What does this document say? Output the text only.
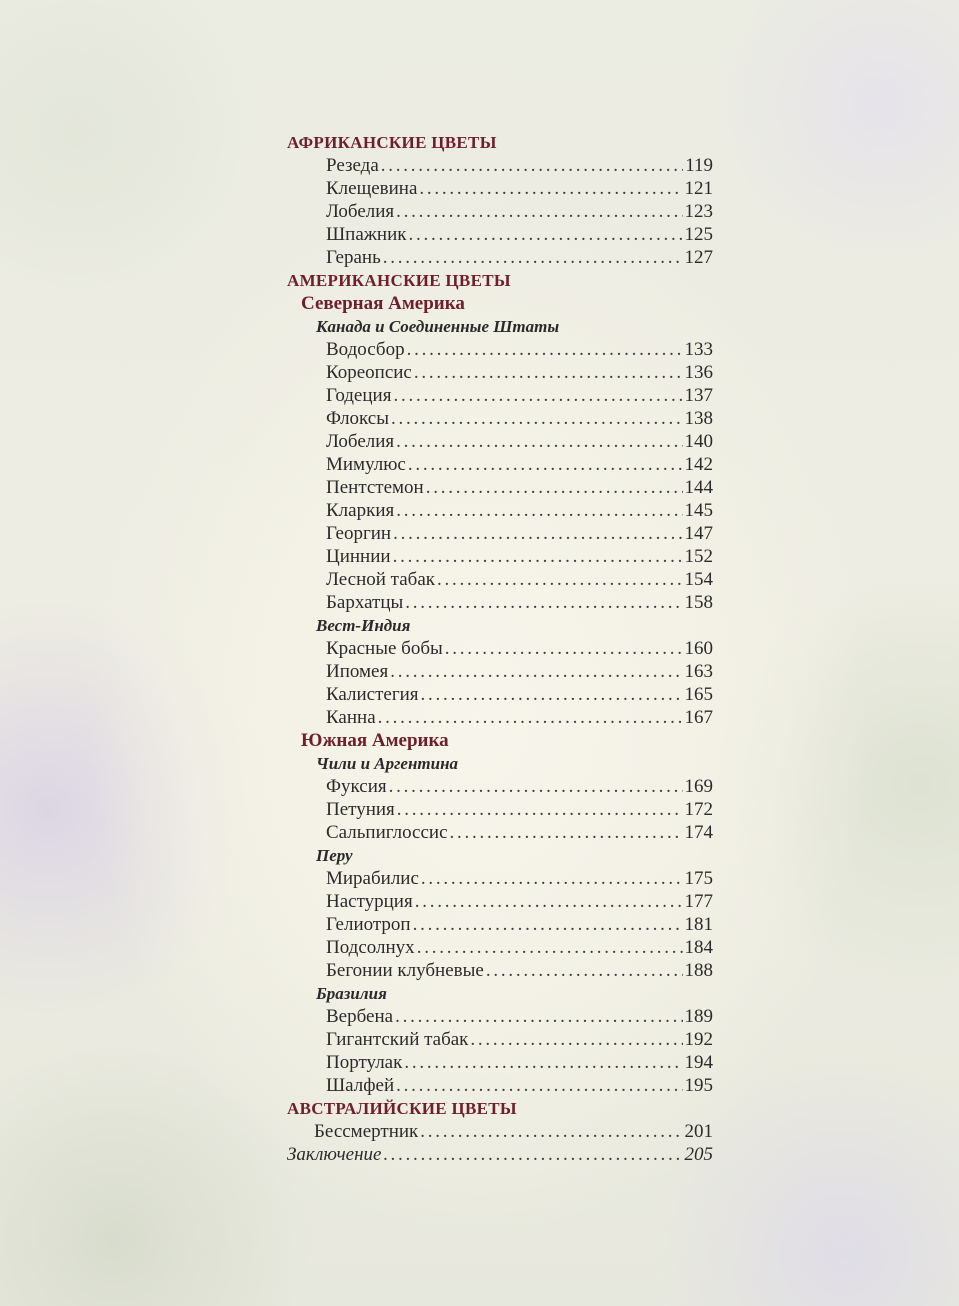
АФРИКАНСКИЕ ЦВЕТЫ
Резеда . . .	119
Клещевина . . .	121
Лобелия . . .	123
Шпажник . . .	125
Герань . . .	127
АМЕРИКАНСКИЕ ЦВЕТЫ
Северная Америка
Канада и Соединенные Штаты
Водосбор . . .	133
Кореопсис . . .	136
Годеция . . .	137
Флоксы . . .	138
Лобелия . . .	140
Мимулюс . . .	142
Пентстемон . . .	144
Кларкия . . .	145
Георгин . . .	147
Циннии . . .	152
Лесной табак . . .	154
Бархатцы . . .	158
Вест-Индия
Красные бобы . . .	160
Ипомея . . .	163
Калистегия . . .	165
Канна . . .	167
Южная Америка
Чили и Аргентина
Фуксия . . .	169
Петуния . . .	172
Сальпиглоссис . . .	174
Перу
Мирабилис . . .	175
Настурция . . .	177
Гелиотроп . . .	181
Подсолнух . . .	184
Бегонии клубневые . . .	188
Бразилия
Вербена . . .	189
Гигантский табак . . .	192
Портулак . . .	194
Шалфей . . .	195
АВСТРАЛИЙСКИЕ ЦВЕТЫ
Бессмертник . . .	201
Заключение . . .	205
